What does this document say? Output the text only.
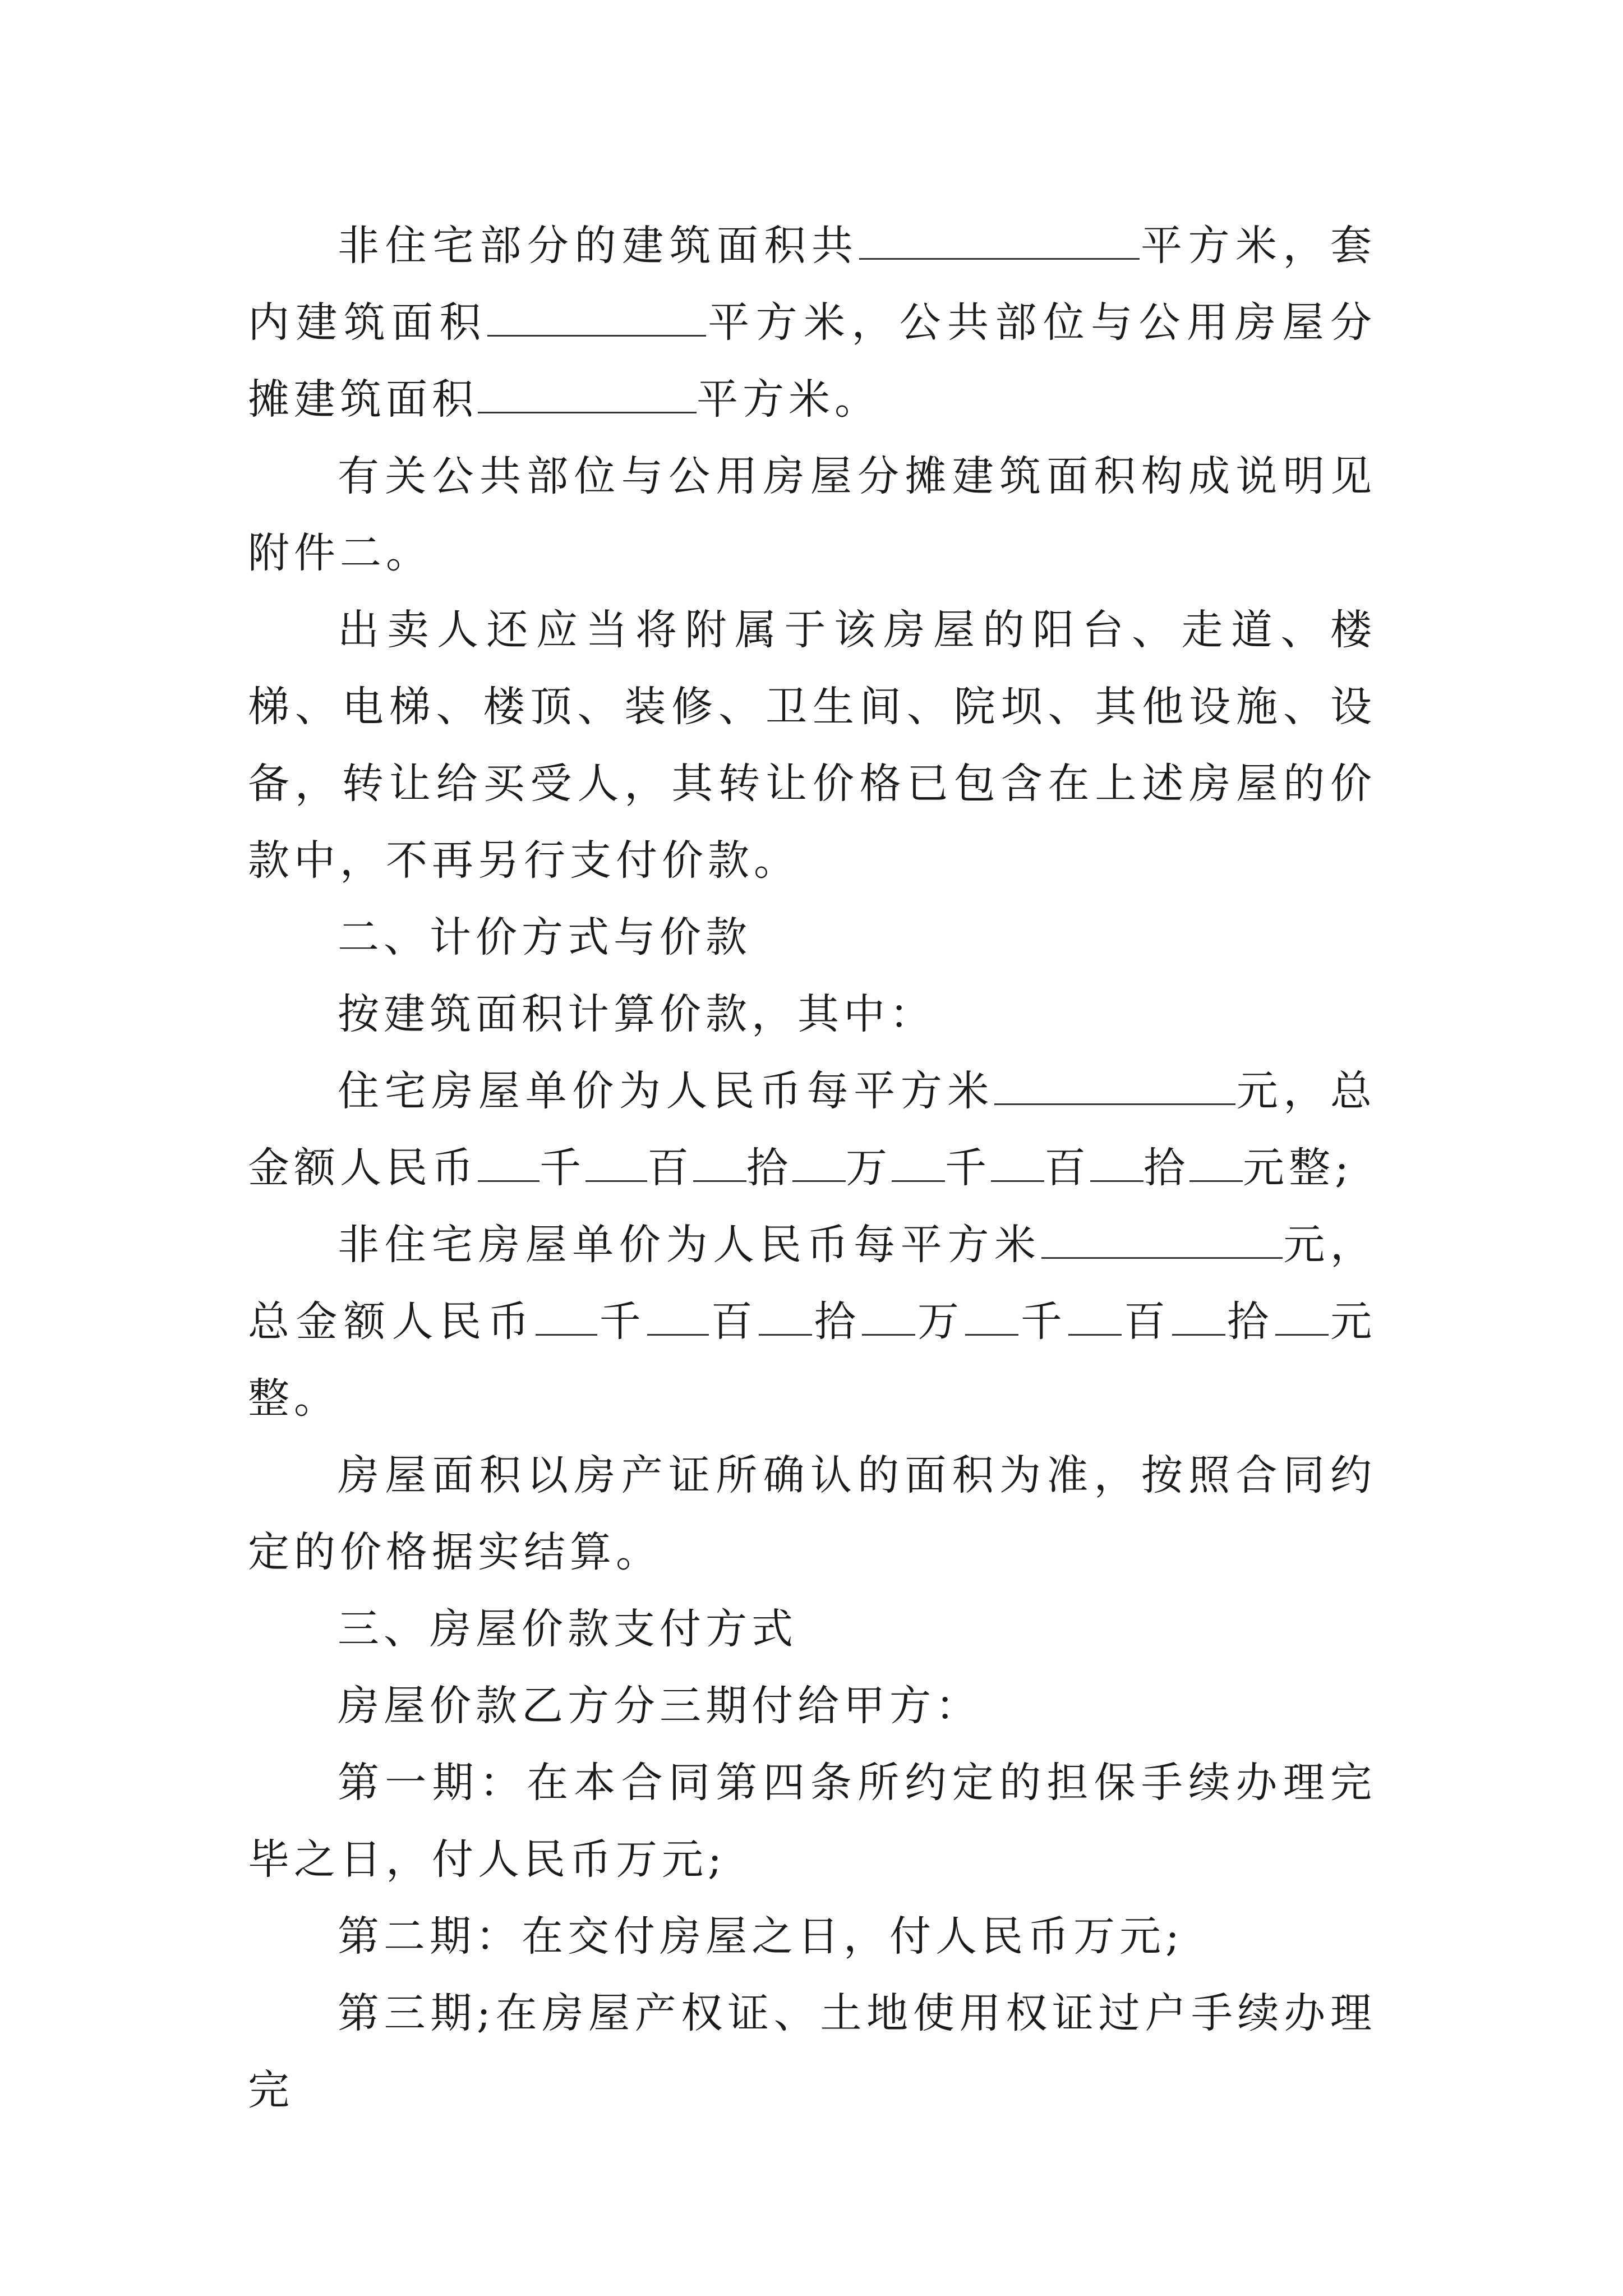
非住宅部分的建筑面积共	平方米，套内建筑面积	平方米，公共部位与公用房屋分摊建筑面积	平方米。

有关公共部位与公用房屋分摊建筑面积构成说明见附件二。

出卖人还应当将附属于该房屋的阳台、走道、楼梯、电梯、楼顶、装修、卫生间、院坝、其他设施、设备，转让给买受人，其转让价格已包含在上述房屋的价款中，不再另行支付价款。

二、计价方式与价款

按建筑面积计算价款，其中：

住宅房屋单价为人民币每平方米	元，总金额人民币 千 百 拾 万 千 百 拾 元整;

非住宅房屋单价为人民币每平方米	元，总金额人民币 千 百 拾 万 千 百 拾 元整。

房屋面积以房产证所确认的面积为准，按照合同约定的价格据实结算。

三、房屋价款支付方式

房屋价款乙方分三期付给甲方：

第一期：在本合同第四条所约定的担保手续办理完毕之日，付人民币万元;

第二期：在交付房屋之日，付人民币万元;

第三期;在房屋产权证、土地使用权证过户手续办理完
